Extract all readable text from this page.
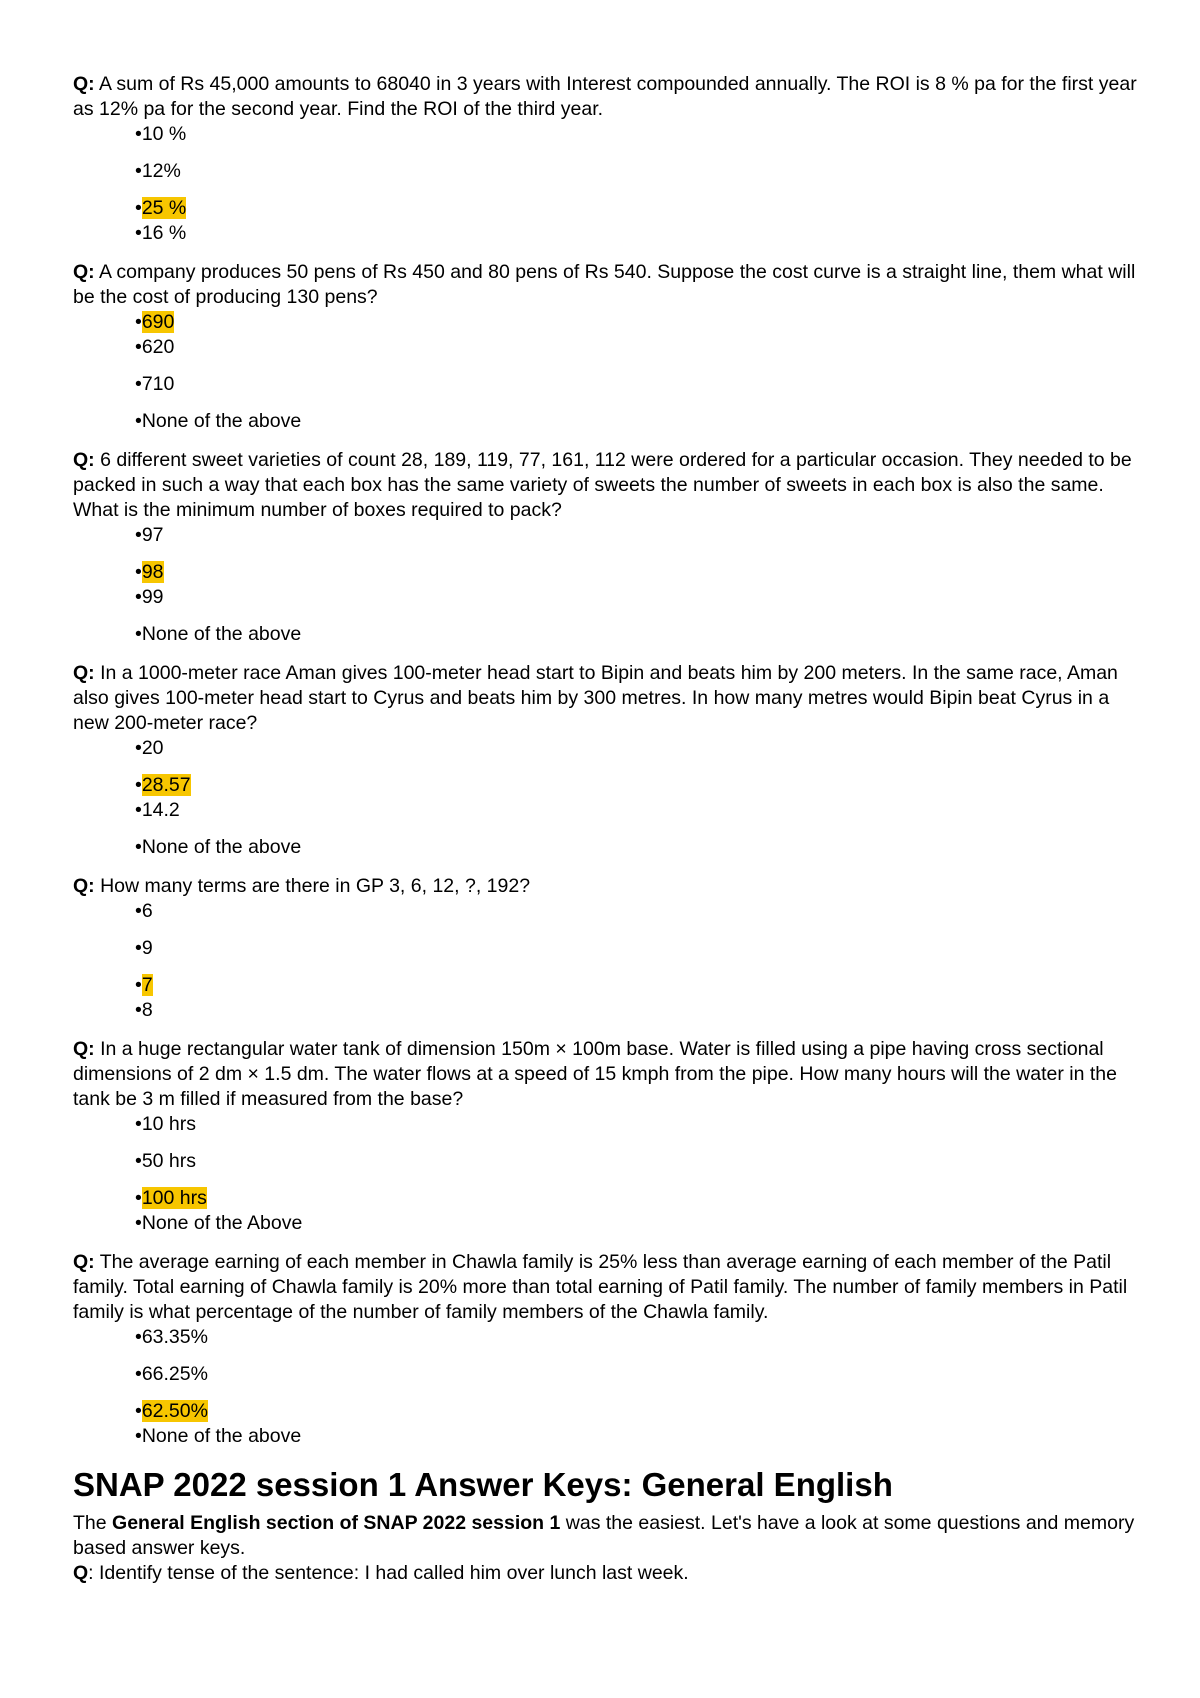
Q: A sum of Rs 45,000 amounts to 68040 in 3 years with Interest compounded annually. The ROI is 8 % pa for the first year as 12% pa for the second year. Find the ROI of the third year.

•10 %
•12%
•25 %
•16 %

Q: A company produces 50 pens of Rs 450 and 80 pens of Rs 540. Suppose the cost curve is a straight line, them what will be the cost of producing 130 pens?

•690
•620
•710
•None of the above

Q: 6 different sweet varieties of count 28, 189, 119, 77, 161, 112 were ordered for a particular occasion. They needed to be packed in such a way that each box has the same variety of sweets the number of sweets in each box is also the same. What is the minimum number of boxes required to pack?

•97
•98
•99
•None of the above

Q: In a 1000-meter race Aman gives 100-meter head start to Bipin and beats him by 200 meters. In the same race, Aman also gives 100-meter head start to Cyrus and beats him by 300 metres. In how many metres would Bipin beat Cyrus in a new 200-meter race?

•20
•28.57
•14.2
•None of the above

Q: How many terms are there in GP 3, 6, 12, ?, 192?

•6
•9
•7
•8

Q: In a huge rectangular water tank of dimension 150m × 100m base. Water is filled using a pipe having cross sectional dimensions of 2 dm × 1.5 dm. The water flows at a speed of 15 kmph from the pipe. How many hours will the water in the tank be 3 m filled if measured from the base?

•10 hrs
•50 hrs
•100 hrs
•None of the Above

Q: The average earning of each member in Chawla family is 25% less than average earning of each member of the Patil family. Total earning of Chawla family is 20% more than total earning of Patil family. The number of family members in Patil family is what percentage of the number of family members of the Chawla family.

•63.35%
•66.25%
•62.50%
•None of the above
SNAP 2022 session 1 Answer Keys: General English

The General English section of SNAP 2022 session 1 was the easiest. Let's have a look at some questions and memory based answer keys.

Q: Identify tense of the sentence: I had called him over lunch last week.
